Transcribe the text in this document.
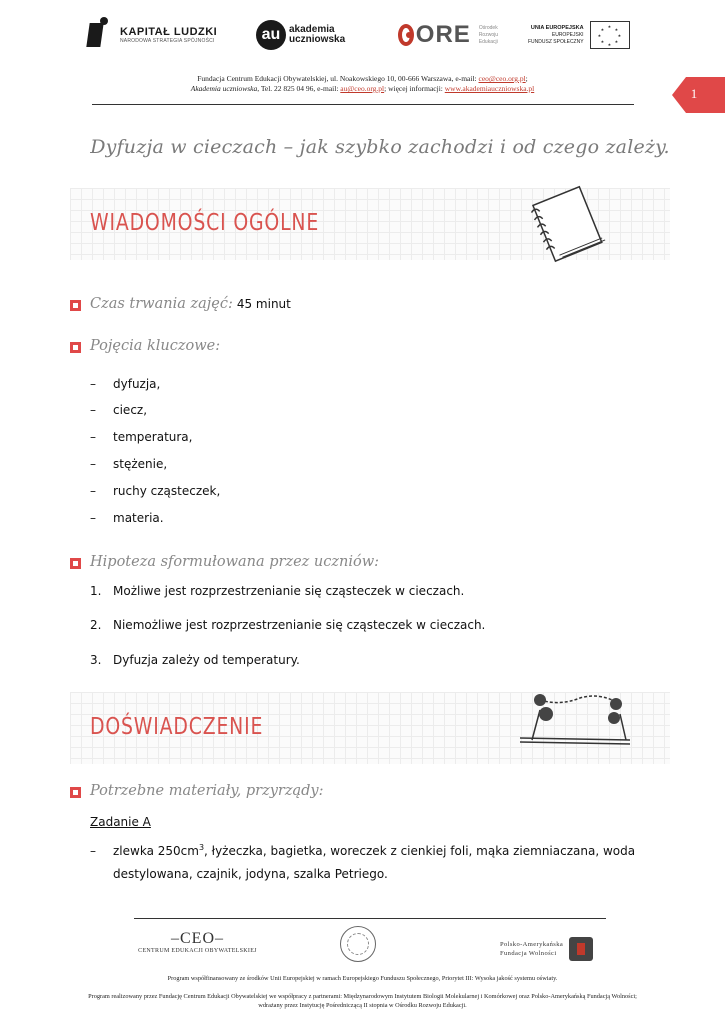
KAPITAŁ LUDZKI
NARODOWA STRATEGIA SPÓJNOŚCI	au akademia
uczniowska	ORE Ośrodek
Rozwoju
Edukacji
UNIA EUROPEJSKA
EUROPEJSKI
FUNDUSZ SPOŁECZNY
★
★
★
★
★
★
★
★
Fundacja Centrum Edukacji Obywatelskiej, ul. Noakowskiego 10, 00-666 Warszawa, e-mail: ceo@ceo.org.pl;
Akademia uczniowska, Tel. 22 825 04 96, e-mail: au@ceo.org.pl; więcej informacji: www.akademiauczniowska.pl	1
Dyfuzja w cieczach – jak szybko zachodzi i od czego zależy.
WIADOMOŚCI OGÓLNE
Czas trwania zajęć: 45 minut
Pojęcia kluczowe:
– dyfuzja,
– ciecz,
– temperatura,
– stężenie,
– ruchy cząsteczek,
– materia.
Hipoteza sformułowana przez uczniów:
1. Możliwe jest rozprzestrzenianie się cząsteczek w cieczach.
2. Niemożliwe jest rozprzestrzenianie się cząsteczek w cieczach.
3. Dyfuzja zależy od temperatury.
DOŚWIADCZENIE
Potrzebne materiały, przyrządy:
Zadanie A
– zlewka $250cm^3$, łyżeczka, bagietka, woreczek z cienkiej foli, mąka ziemniaczana, woda
destylowana, czajnik, jodyna, szalka Petriego.
–CEO–
CENTRUM EDUKACJI OBYWATELSKIEJ
Polsko-Amerykańska
Fundacja Wolności
Program współfinansowany ze środków Unii Europejskiej w ramach Europejskiego Funduszu Społecznego, Priorytet III: Wysoka jakość systemu oświaty.
Program realizowany przez Fundację Centrum Edukacji Obywatelskiej we współpracy z partnerami: Międzynarodowym Instytutem Biologii Molekularnej i Komórkowej oraz Polsko-Amerykańską Fundacją Wolności;
wdrażany przez Instytucję Pośredniczącą II stopnia w Ośrodku Rozwoju Edukacji.
